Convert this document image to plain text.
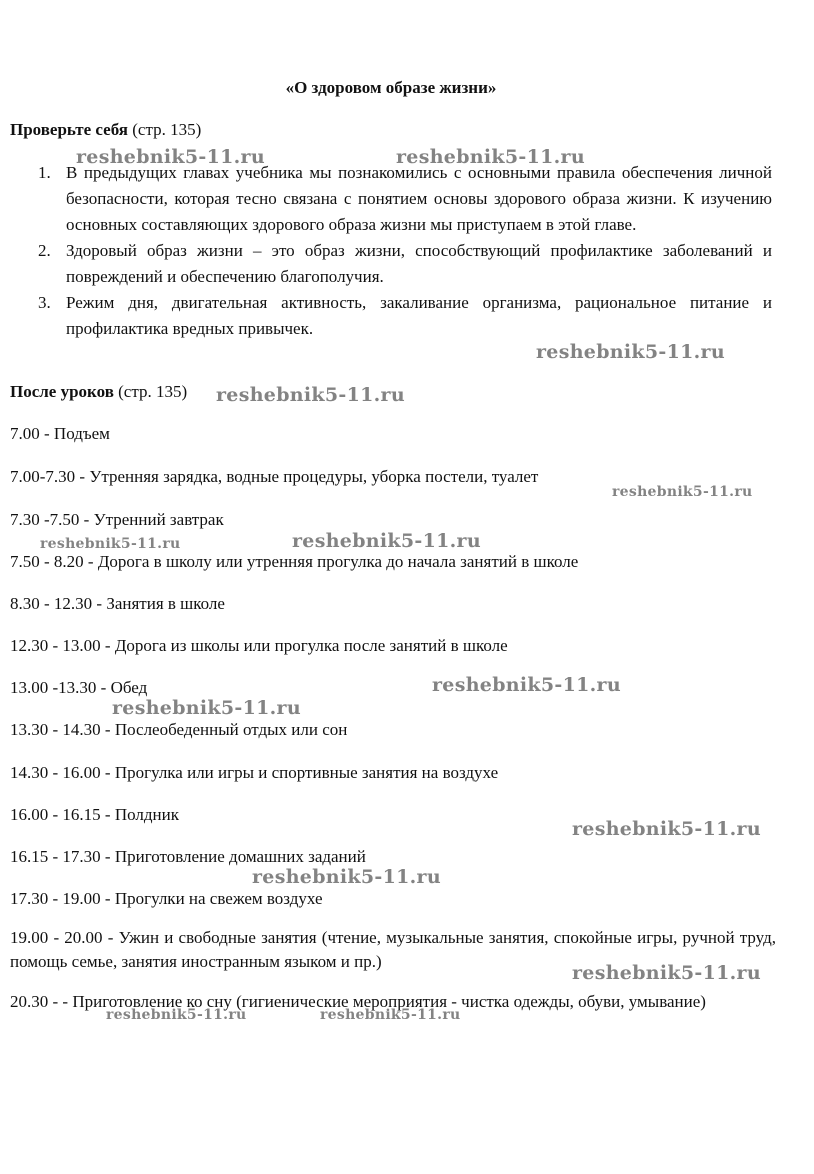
«О здоровом образе жизни»
Проверьте себя (стр. 135)
1. В предыдущих главах учебника мы познакомились с основными правила обеспечения личной безопасности, которая тесно связана с понятием основы здорового образа жизни. К изучению основных составляющих здорового образа жизни мы приступаем в этой главе.
2. Здоровый образ жизни – это образ жизни, способствующий профилактике заболеваний и повреждений и обеспечению благополучия.
3. Режим дня, двигательная активность, закаливание организма, рациональное питание и профилактика вредных привычек.
После уроков (стр. 135)
7.00 - Подъем
7.00-7.30 - Утренняя зарядка, водные процедуры, уборка постели, туалет
7.30 -7.50 - Утренний завтрак
7.50 - 8.20 - Дорога в школу или утренняя прогулка до начала занятий в школе
8.30 - 12.30 - Занятия в школе
12.30 - 13.00 - Дорога из школы или прогулка после занятий в школе
13.00 -13.30 - Обед
13.30 - 14.30 - Послеобеденный отдых или сон
14.30 - 16.00 - Прогулка или игры и спортивные занятия на воздухе
16.00 - 16.15 - Полдник
16.15 - 17.30 - Приготовление домашних заданий
17.30 - 19.00 - Прогулки на свежем воздухе
19.00 - 20.00 - Ужин и свободные занятия (чтение, музыкальные занятия, спокойные игры, ручной труд, помощь семье, занятия иностранным языком и пр.)
20.30 - - Приготовление ко сну (гигиенические мероприятия - чистка одежды, обуви, умывание)
reshebnik5-11.ru	reshebnik5-11.ru
reshebnik5-11.ru
reshebnik5-11.ru
reshebnik5-11.ru
reshebnik5-11.ru
reshebnik5-11.ru
reshebnik5-11.ru
reshebnik5-11.ru
reshebnik5-11.ru
reshebnik5-11.ru
reshebnik5-11.ru
reshebnik5-11.ru	reshebnik5-11.ru
